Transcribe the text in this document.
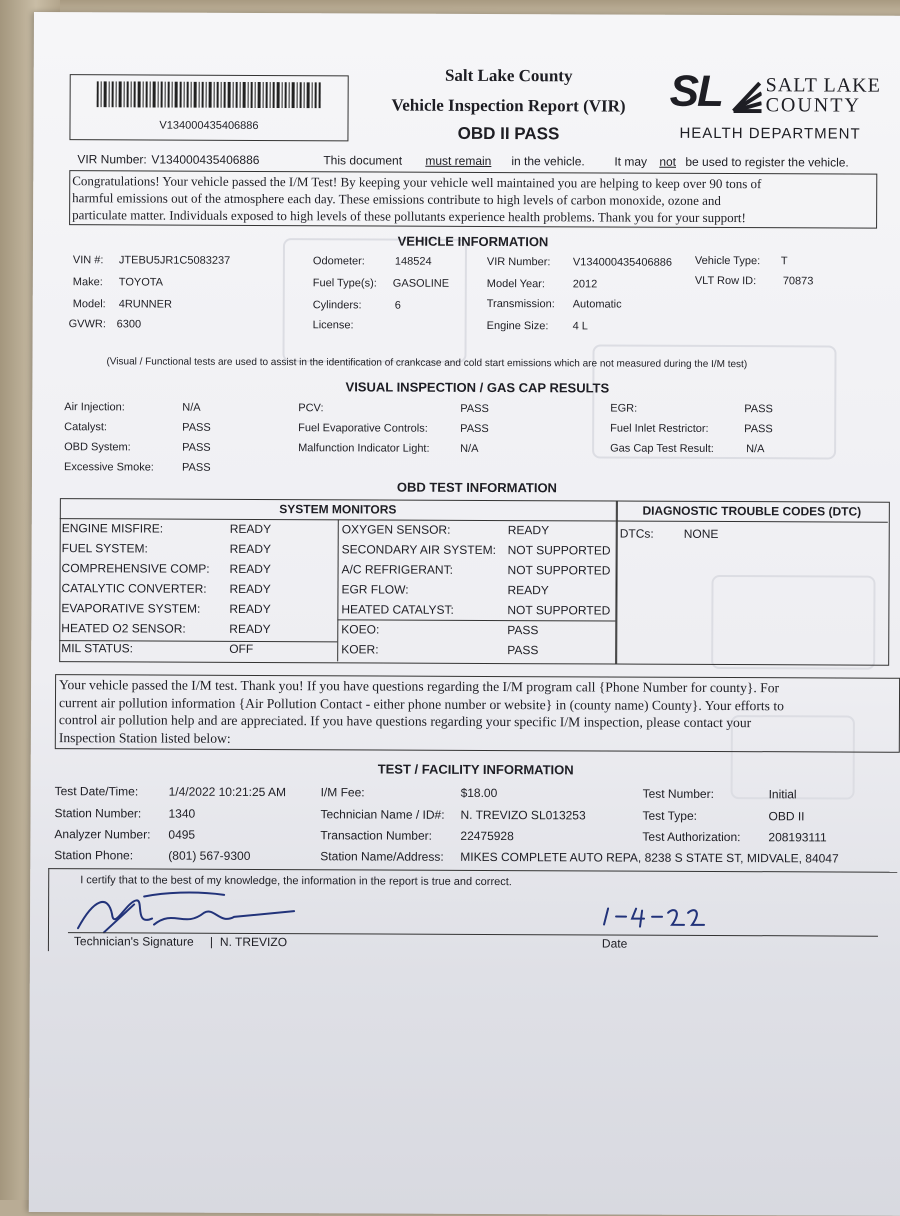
V134000435406886
Salt Lake County
Vehicle Inspection Report (VIR)
OBD II PASS
SL SALT LAKE
COUNTY
HEALTH DEPARTMENT
VIR Number: V134000435406886	This document must remain in the vehicle. It may not be used to register the vehicle.
Congratulations! Your vehicle passed the I/M Test! By keeping your vehicle well maintained you are helping to keep over 90 tons of
harmful emissions out of the atmosphere each day. These emissions contribute to high levels of carbon monoxide, ozone and
particulate matter. Individuals exposed to high levels of these pollutants experience health problems. Thank you for your support!
VEHICLE INFORMATION
VIN #: JTEBU5JR1C5083237
Make: TOYOTA
Model: 4RUNNER
GVWR: 6300
Odometer:	148524
Fuel Type(s): GASOLINE
Cylinders:	6
License:
VIR Number: V134000435406886
Model Year:	2012
Transmission: Automatic
Engine Size: 4 L
Vehicle Type: T
VLT Row ID: 70873
(Visual / Functional tests are used to assist in the identification of crankcase and cold start emissions which are not measured during the I/M test)
VISUAL INSPECTION / GAS CAP RESULTS
Air Injection:	N/A
Catalyst:	PASS
OBD System:	PASS
Excessive Smoke:	PASS
PCV:	PASS
Fuel Evaporative Controls:	PASS
Malfunction Indicator Light:	N/A
EGR:	PASS
Fuel Inlet Restrictor:	PASS
Gas Cap Test Result:	N/A
OBD TEST INFORMATION
SYSTEM MONITORS	DIAGNOSTIC TROUBLE CODES (DTC)
DTCs: NONE
ENGINE MISFIRE:	READY
FUEL SYSTEM:	READY
COMPREHENSIVE COMP: READY
CATALYTIC CONVERTER: READY
EVAPORATIVE SYSTEM: READY
HEATED O2 SENSOR:	READY
MIL STATUS:	OFF
OXYGEN SENSOR:	READY
SECONDARY AIR SYSTEM: NOT SUPPORTED
A/C REFRIGERANT:	NOT SUPPORTED
EGR FLOW:	READY
HEATED CATALYST:	NOT SUPPORTED
KOEO:	PASS
KOER:	PASS
Your vehicle passed the I/M test. Thank you! If you have questions regarding the I/M program call {Phone Number for county}. For
current air pollution information {Air Pollution Contact - either phone number or website} in (county name) County}. Your efforts to
control air pollution help and are appreciated. If you have questions regarding your specific I/M inspection, please contact your
Inspection Station listed below:
TEST / FACILITY INFORMATION
Test Date/Time:	1/4/2022 10:21:25 AM
Station Number: 1340
Analyzer Number: 0495
Station Phone:	(801) 567-9300
I/M Fee:	$18.00
Technician Name / ID#: N. TREVIZO SL013253
Transaction Number: 22475928
Station Name/Address: MIKES COMPLETE AUTO REPA, 8238 S STATE ST, MIDVALE, 84047
Test Number:	Initial
Test Type:	OBD II
Test Authorization: 208193111
I certify that to the best of my knowledge, the information in the report is true and correct.
Technician's Signature | N. TREVIZO	Date
